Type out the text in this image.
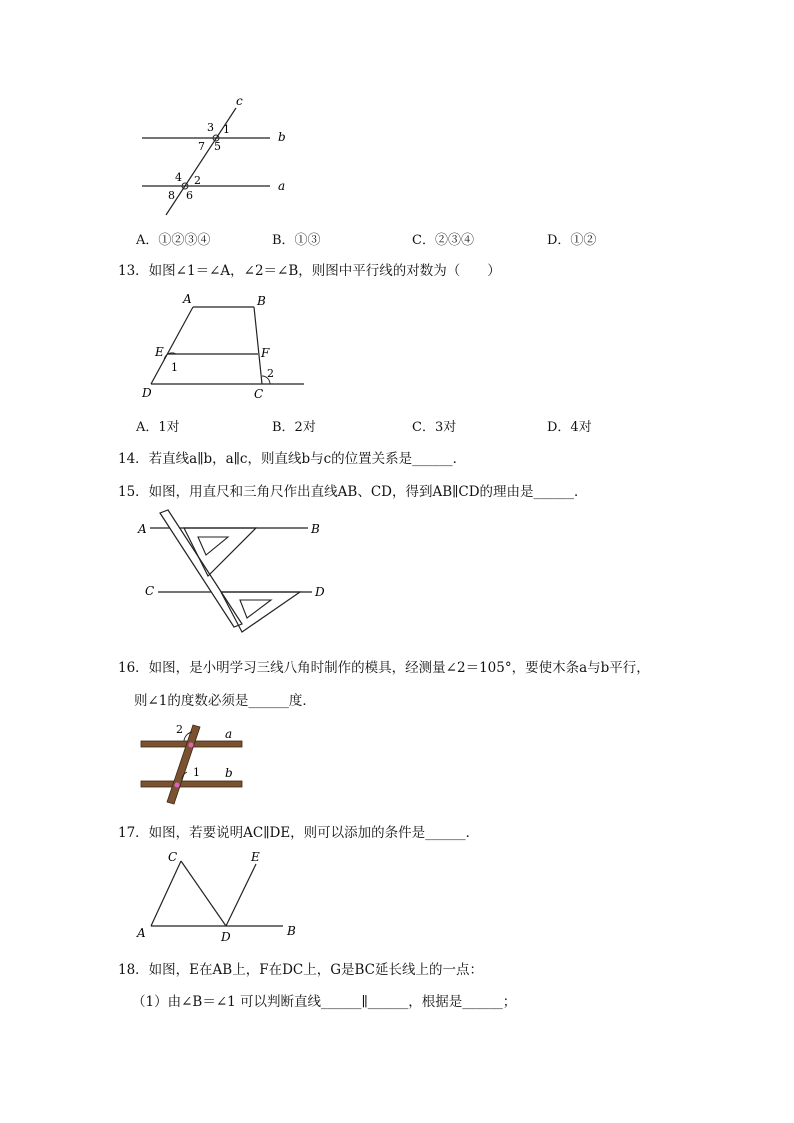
c
b
a
3 1
7 5
4 2
8 6
A．①②③④	B．①③	C．②③④	D．①②
13．如图∠1＝∠A，∠2＝∠B，则图中平行线的对数为（　　）
A	B
E	F
D	C
1	2
A．1对	B．2对	C．3对	D．4对
14．若直线a∥b，a∥c，则直线b与c的位置关系是______．
15．如图，用直尺和三角尺作出直线AB、CD，得到AB∥CD的理由是______．
A	B
C	D
16．如图，是小明学习三线八角时制作的模具，经测量∠2＝105°，要使木条a与b平行，
则∠1的度数必须是______度．
2	a
1 b
17．如图，若要说明AC∥DE，则可以添加的条件是______．
C	E
A	D	B
18．如图，E在AB上，F在DC上，G是BC延长线上的一点：
（1）由∠B＝∠1 可以判断直线______∥______，根据是______；
